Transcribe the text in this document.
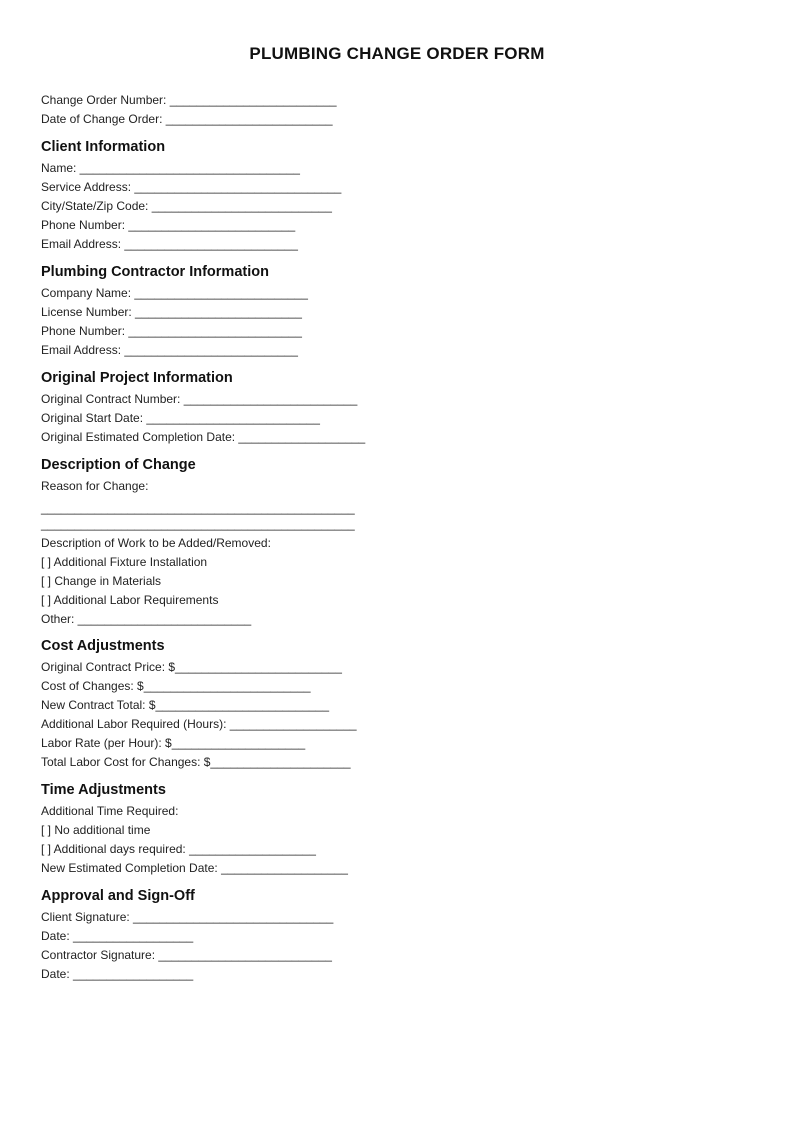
PLUMBING CHANGE ORDER FORM
Change Order Number: _________________________
Date of Change Order: _________________________
Client Information
Name: _________________________________
Service Address: _______________________________
City/State/Zip Code: ___________________________
Phone Number: _________________________
Email Address: __________________________
Plumbing Contractor Information
Company Name: __________________________
License Number: _________________________
Phone Number: __________________________
Email Address: __________________________
Original Project Information
Original Contract Number: __________________________
Original Start Date: __________________________
Original Estimated Completion Date: ___________________
Description of Change
Reason for Change:
_______________________________________________
_______________________________________________
Description of Work to be Added/Removed:
[ ] Additional Fixture Installation
[ ] Change in Materials
[ ] Additional Labor Requirements
Other: __________________________
Cost Adjustments
Original Contract Price: $_________________________
Cost of Changes: $_________________________
New Contract Total: $__________________________
Additional Labor Required (Hours): ___________________
Labor Rate (per Hour): $____________________
Total Labor Cost for Changes: $_____________________
Time Adjustments
Additional Time Required:
[ ] No additional time
[ ] Additional days required: ___________________
New Estimated Completion Date: ___________________
Approval and Sign-Off
Client Signature: ______________________________
Date: __________________
Contractor Signature: __________________________
Date: __________________
